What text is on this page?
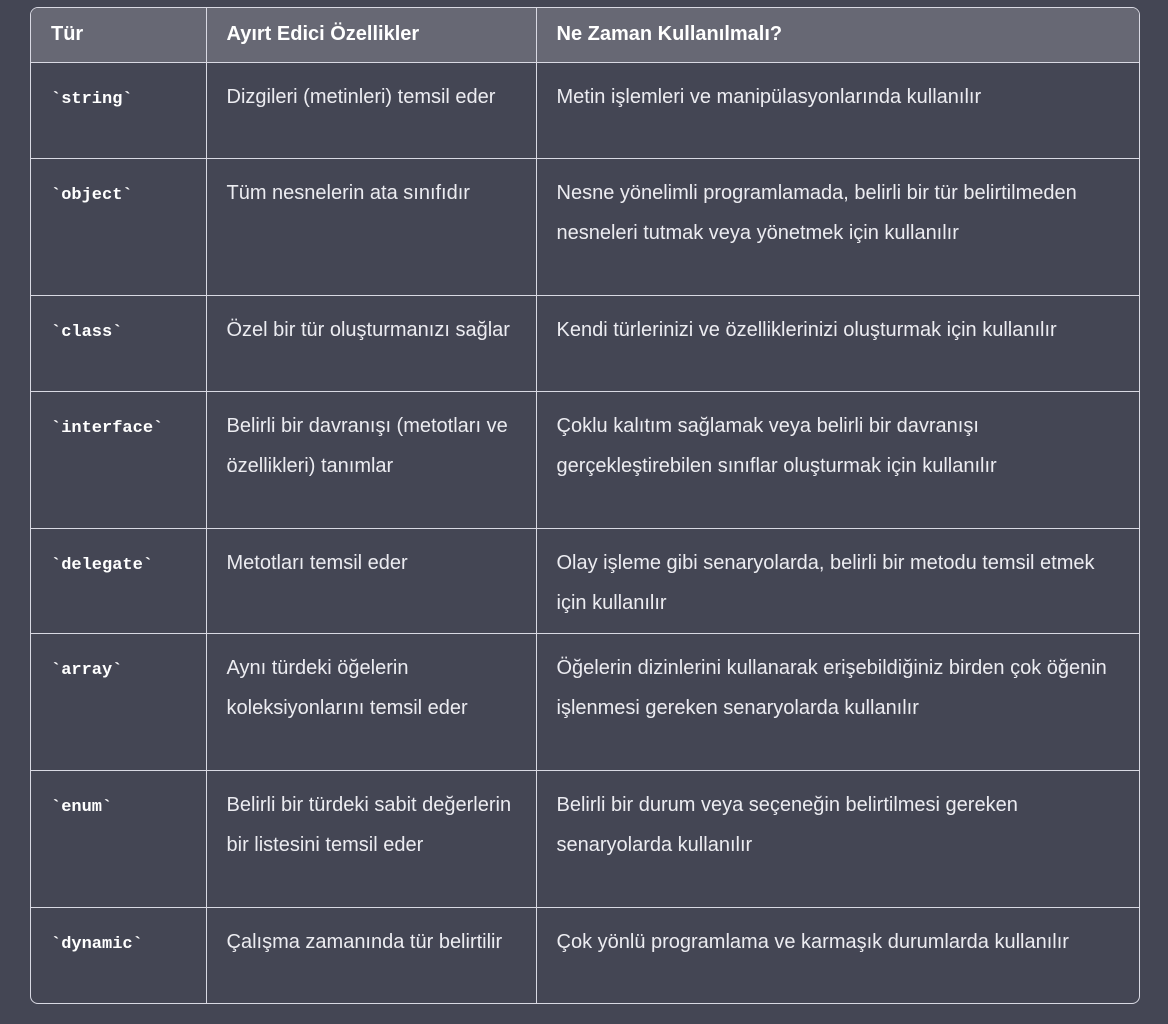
Tür	Ayırt Edici Özellikler	Ne Zaman Kullanılmalı?
`string`	Dizgileri (metinleri) temsil eder	Metin işlemleri ve manipülasyonlarında kullanılır
`object`	Tüm nesnelerin ata sınıfıdır	Nesne yönelimli programlamada, belirli bir tür belirtilmeden nesneleri tutmak veya yönetmek için kullanılır
`class`	Özel bir tür oluşturmanızı sağlar	Kendi türlerinizi ve özelliklerinizi oluşturmak için kullanılır
`interface`	Belirli bir davranışı (metotları ve özellikleri) tanımlar	Çoklu kalıtım sağlamak veya belirli bir davranışı gerçekleştirebilen sınıflar oluşturmak için kullanılır
`delegate`	Metotları temsil eder	Olay işleme gibi senaryolarda, belirli bir metodu temsil etmek için kullanılır
`array`	Aynı türdeki öğelerin koleksiyonlarını temsil eder	Öğelerin dizinlerini kullanarak erişebildiğiniz birden çok öğenin işlenmesi gereken senaryolarda kullanılır
`enum`	Belirli bir türdeki sabit değerlerin bir listesini temsil eder	Belirli bir durum veya seçeneğin belirtilmesi gereken senaryolarda kullanılır
`dynamic`	Çalışma zamanında tür belirtilir	Çok yönlü programlama ve karmaşık durumlarda kullanılır
